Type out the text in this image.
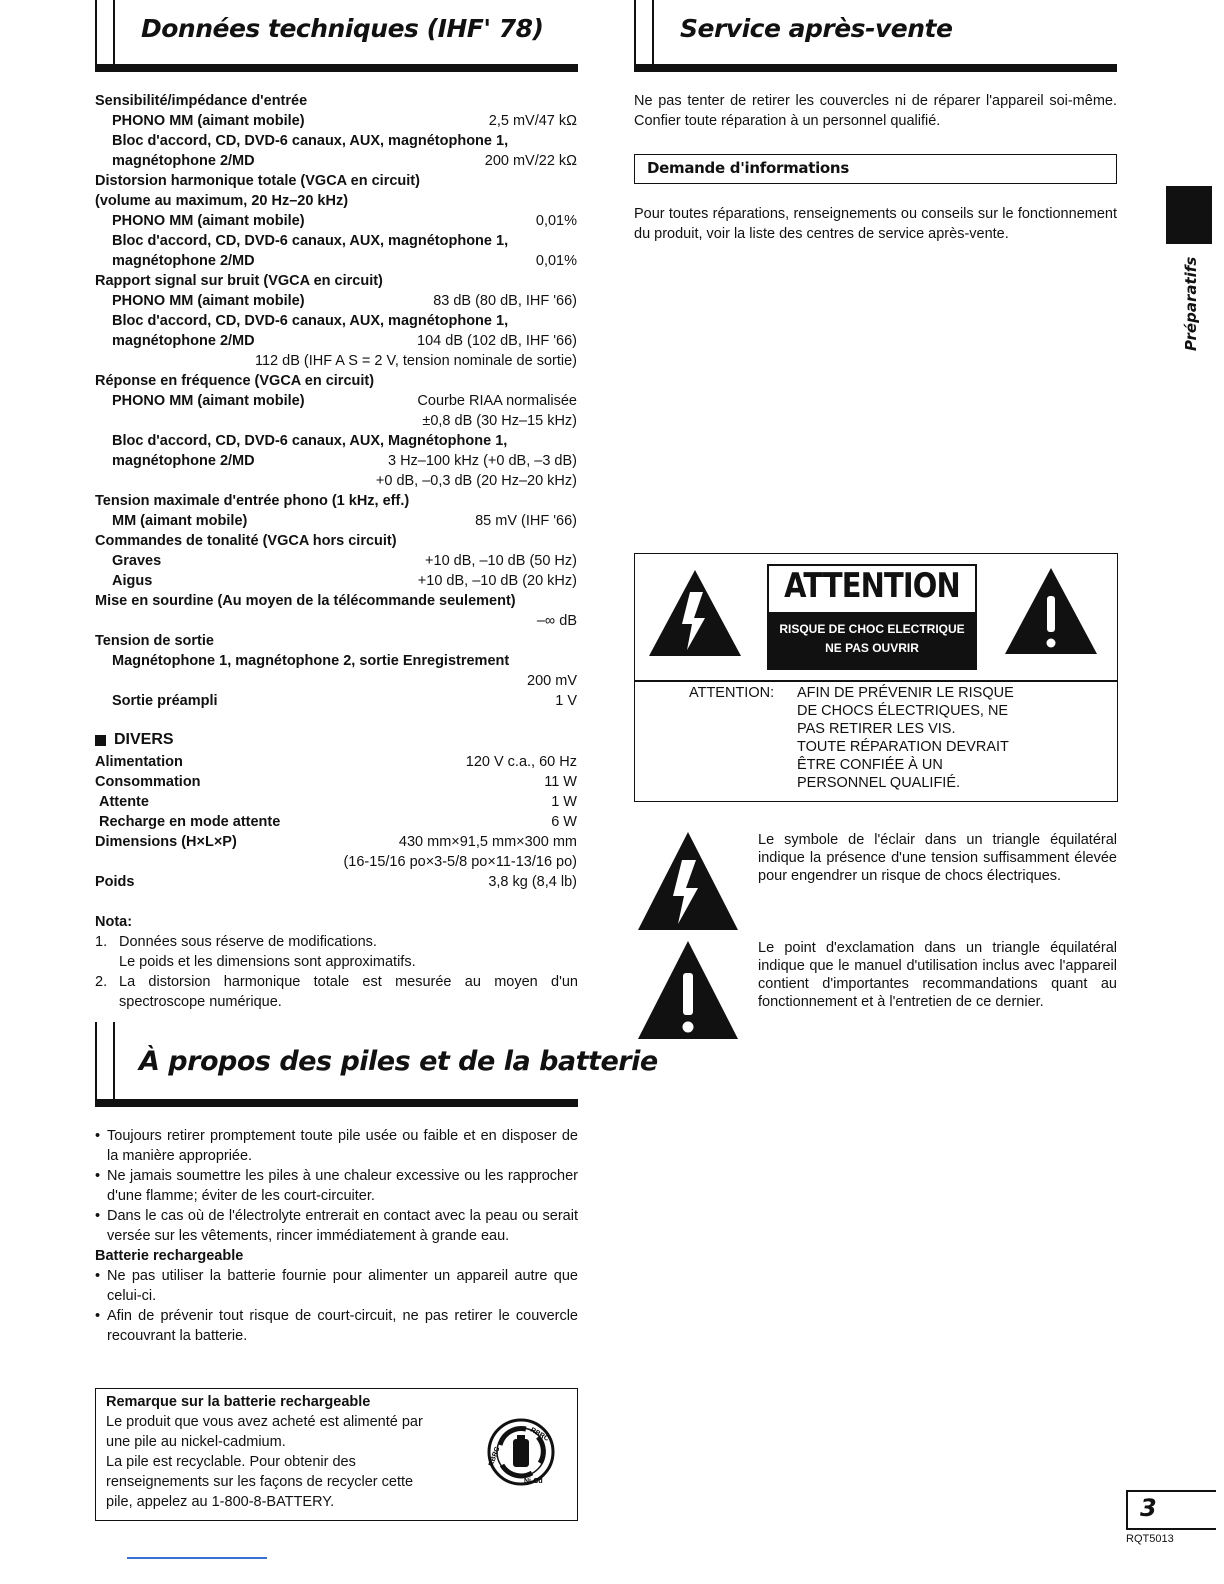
Données techniques (IHF' 78)
Sensibilité/impédance d'entrée
PHONO MM (aimant mobile)	2,5 mV/47 kΩ
Bloc d'accord, CD, DVD-6 canaux, AUX, magnétophone 1,
magnétophone 2/MD	200 mV/22 kΩ
Distorsion harmonique totale (VGCA en circuit)
(volume au maximum, 20 Hz–20 kHz)
PHONO MM (aimant mobile)	0,01%
Bloc d'accord, CD, DVD-6 canaux, AUX, magnétophone 1,
magnétophone 2/MD	0,01%
Rapport signal sur bruit (VGCA en circuit)
PHONO MM (aimant mobile)	83 dB (80 dB, IHF '66)
Bloc d'accord, CD, DVD-6 canaux, AUX, magnétophone 1,
magnétophone 2/MD	104 dB (102 dB, IHF '66)
112 dB (IHF A S = 2 V, tension nominale de sortie)
Réponse en fréquence (VGCA en circuit)
PHONO MM (aimant mobile)	Courbe RIAA normalisée
±0,8 dB (30 Hz–15 kHz)
Bloc d'accord, CD, DVD-6 canaux, AUX, Magnétophone 1,
magnétophone 2/MD	3 Hz–100 kHz (+0 dB, –3 dB)
+0 dB, –0,3 dB (20 Hz–20 kHz)
Tension maximale d'entrée phono (1 kHz, eff.)
MM (aimant mobile)	85 mV (IHF '66)
Commandes de tonalité (VGCA hors circuit)
Graves	+10 dB, –10 dB (50 Hz)
Aigus	+10 dB, –10 dB (20 kHz)
Mise en sourdine (Au moyen de la télécommande seulement)
–∞ dB
Tension de sortie
Magnétophone 1, magnétophone 2, sortie Enregistrement
200 mV
Sortie préampli	1 V
DIVERS
Alimentation	120 V c.a., 60 Hz
Consommation	11 W
Attente	1 W
Recharge en mode attente	6 W
Dimensions (H×L×P)	430 mm×91,5 mm×300 mm
(16-15/16 po×3-5/8 po×11-13/16 po)
Poids	3,8 kg (8,4 lb)
Nota:
1. Données sous réserve de modifications.
Le poids et les dimensions sont approximatifs.
2. La distorsion harmonique totale est mesurée au moyen d'un spectroscope numérique.
À propos des piles et de la batterie
• Toujours retirer promptement toute pile usée ou faible et en disposer de la manière appropriée.
• Ne jamais soumettre les piles à une chaleur excessive ou les rapprocher d'une flamme; éviter de les court-circuiter.
• Dans le cas où de l'électrolyte entrerait en contact avec la peau ou serait versée sur les vêtements, rincer immédiatement à grande eau.
Batterie rechargeable
• Ne pas utiliser la batterie fournie pour alimenter un appareil autre que celui-ci.
• Afin de prévenir tout risque de court-circuit, ne pas retirer le couvercle recouvrant la batterie.
Remarque sur la batterie rechargeable
Le produit que vous avez acheté est alimenté par
une pile au nickel-cadmium.
La pile est recyclable. Pour obtenir des
renseignements sur les façons de recycler cette
pile, appelez au 1-800-8-BATTERY.
RBRC
RBRC
Ni-Cd
Service après-vente
Ne pas tenter de retirer les couvercles ni de réparer l'appareil soi-même. Confier toute réparation à un personnel qualifié.
Demande d'informations
Pour toutes réparations, renseignements ou conseils sur le fonctionnement du produit, voir la liste des centres de service après-vente.
Préparatifs
ATTENTION
RISQUE DE CHOC ELECTRIQUE
NE PAS OUVRIR
ATTENTION: AFIN DE PRÉVENIR LE RISQUE
DE CHOCS ÉLECTRIQUES, NE
PAS RETIRER LES VIS.
TOUTE RÉPARATION DEVRAIT
ÊTRE CONFIÉE À UN
PERSONNEL QUALIFIÉ.
Le symbole de l'éclair dans un triangle équilatéral indique la présence d'une tension suffisamment élevée pour engendrer un risque de chocs électriques.
Le point d'exclamation dans un triangle équilatéral indique que le manuel d'utilisation inclus avec l'appareil contient d'importantes recommandations quant au fonctionnement et à l'entretien de ce dernier.
3
RQT5013
